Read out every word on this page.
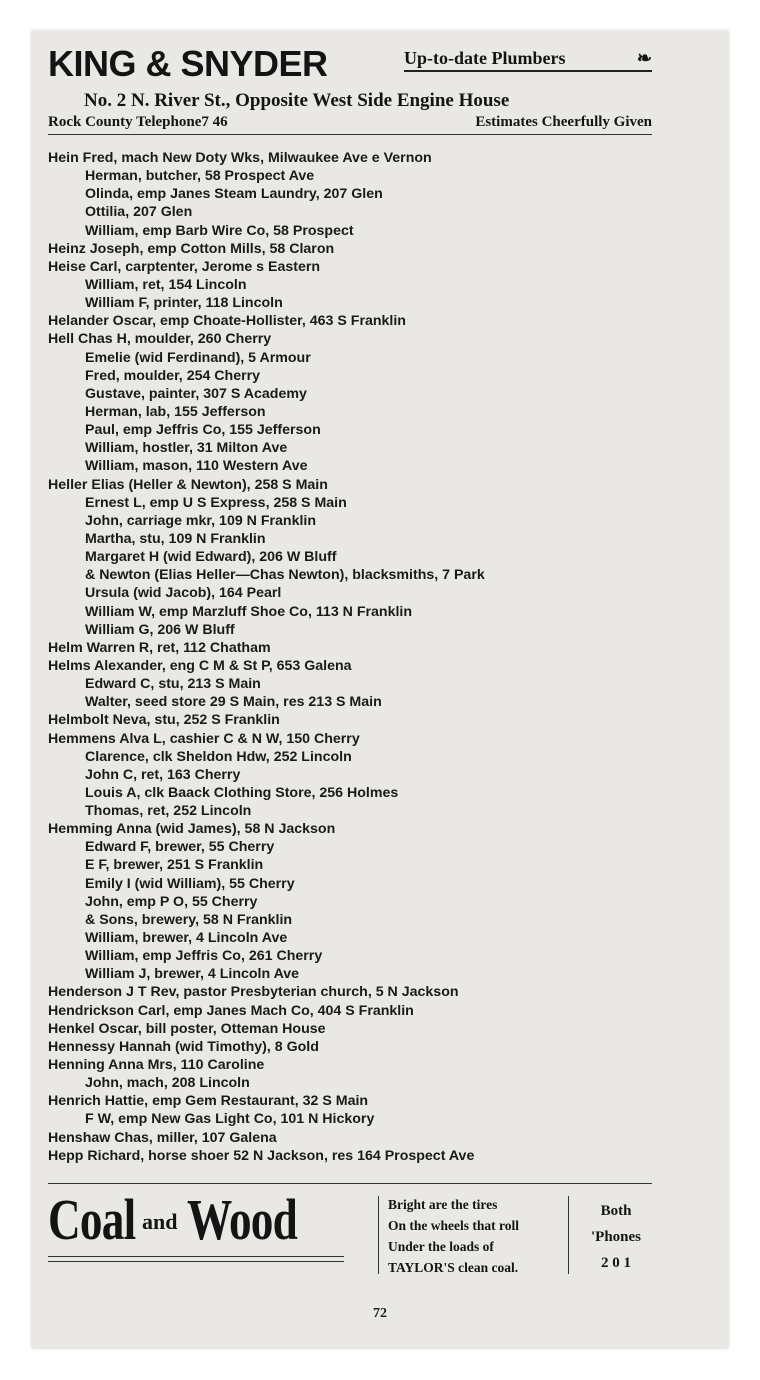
KING & SNYDER	Up-to-date Plumbers	❧
No. 2 N. River St., Opposite West Side Engine House
Rock County Telephone7 46	Estimates Cheerfully Given
Hein Fred, mach New Doty Wks, Milwaukee Ave e Vernon
Herman, butcher, 58 Prospect Ave
Olinda, emp Janes Steam Laundry, 207 Glen
Ottilia, 207 Glen
William, emp Barb Wire Co, 58 Prospect
Heinz Joseph, emp Cotton Mills, 58 Claron
Heise Carl, carptenter, Jerome s Eastern
William, ret, 154 Lincoln
William F, printer, 118 Lincoln
Helander Oscar, emp Choate-Hollister, 463 S Franklin
Hell Chas H, moulder, 260 Cherry
Emelie (wid Ferdinand), 5 Armour
Fred, moulder, 254 Cherry
Gustave, painter, 307 S Academy
Herman, lab, 155 Jefferson
Paul, emp Jeffris Co, 155 Jefferson
William, hostler, 31 Milton Ave
William, mason, 110 Western Ave
Heller Elias (Heller & Newton), 258 S Main
Ernest L, emp U S Express, 258 S Main
John, carriage mkr, 109 N Franklin
Martha, stu, 109 N Franklin
Margaret H (wid Edward), 206 W Bluff
& Newton (Elias Heller—Chas Newton), blacksmiths, 7 Park
Ursula (wid Jacob), 164 Pearl
William W, emp Marzluff Shoe Co, 113 N Franklin
William G, 206 W Bluff
Helm Warren R, ret, 112 Chatham
Helms Alexander, eng C M & St P, 653 Galena
Edward C, stu, 213 S Main
Walter, seed store 29 S Main, res 213 S Main
Helmbolt Neva, stu, 252 S Franklin
Hemmens Alva L, cashier C & N W, 150 Cherry
Clarence, clk Sheldon Hdw, 252 Lincoln
John C, ret, 163 Cherry
Louis A, clk Baack Clothing Store, 256 Holmes
Thomas, ret, 252 Lincoln
Hemming Anna (wid James), 58 N Jackson
Edward F, brewer, 55 Cherry
E F, brewer, 251 S Franklin
Emily I (wid William), 55 Cherry
John, emp P O, 55 Cherry
& Sons, brewery, 58 N Franklin
William, brewer, 4 Lincoln Ave
William, emp Jeffris Co, 261 Cherry
William J, brewer, 4 Lincoln Ave
Henderson J T Rev, pastor Presbyterian church, 5 N Jackson
Hendrickson Carl, emp Janes Mach Co, 404 S Franklin
Henkel Oscar, bill poster, Otteman House
Hennessy Hannah (wid Timothy), 8 Gold
Henning Anna Mrs, 110 Caroline
John, mach, 208 Lincoln
Henrich Hattie, emp Gem Restaurant, 32 S Main
F W, emp New Gas Light Co, 101 N Hickory
Henshaw Chas, miller, 107 Galena
Hepp Richard, horse shoer 52 N Jackson, res 164 Prospect Ave
Coal and Wood	Bright are the tires
On the wheels that roll
Under the loads of
TAYLOR'S clean coal.
Both
'Phones
2 0 1
72
